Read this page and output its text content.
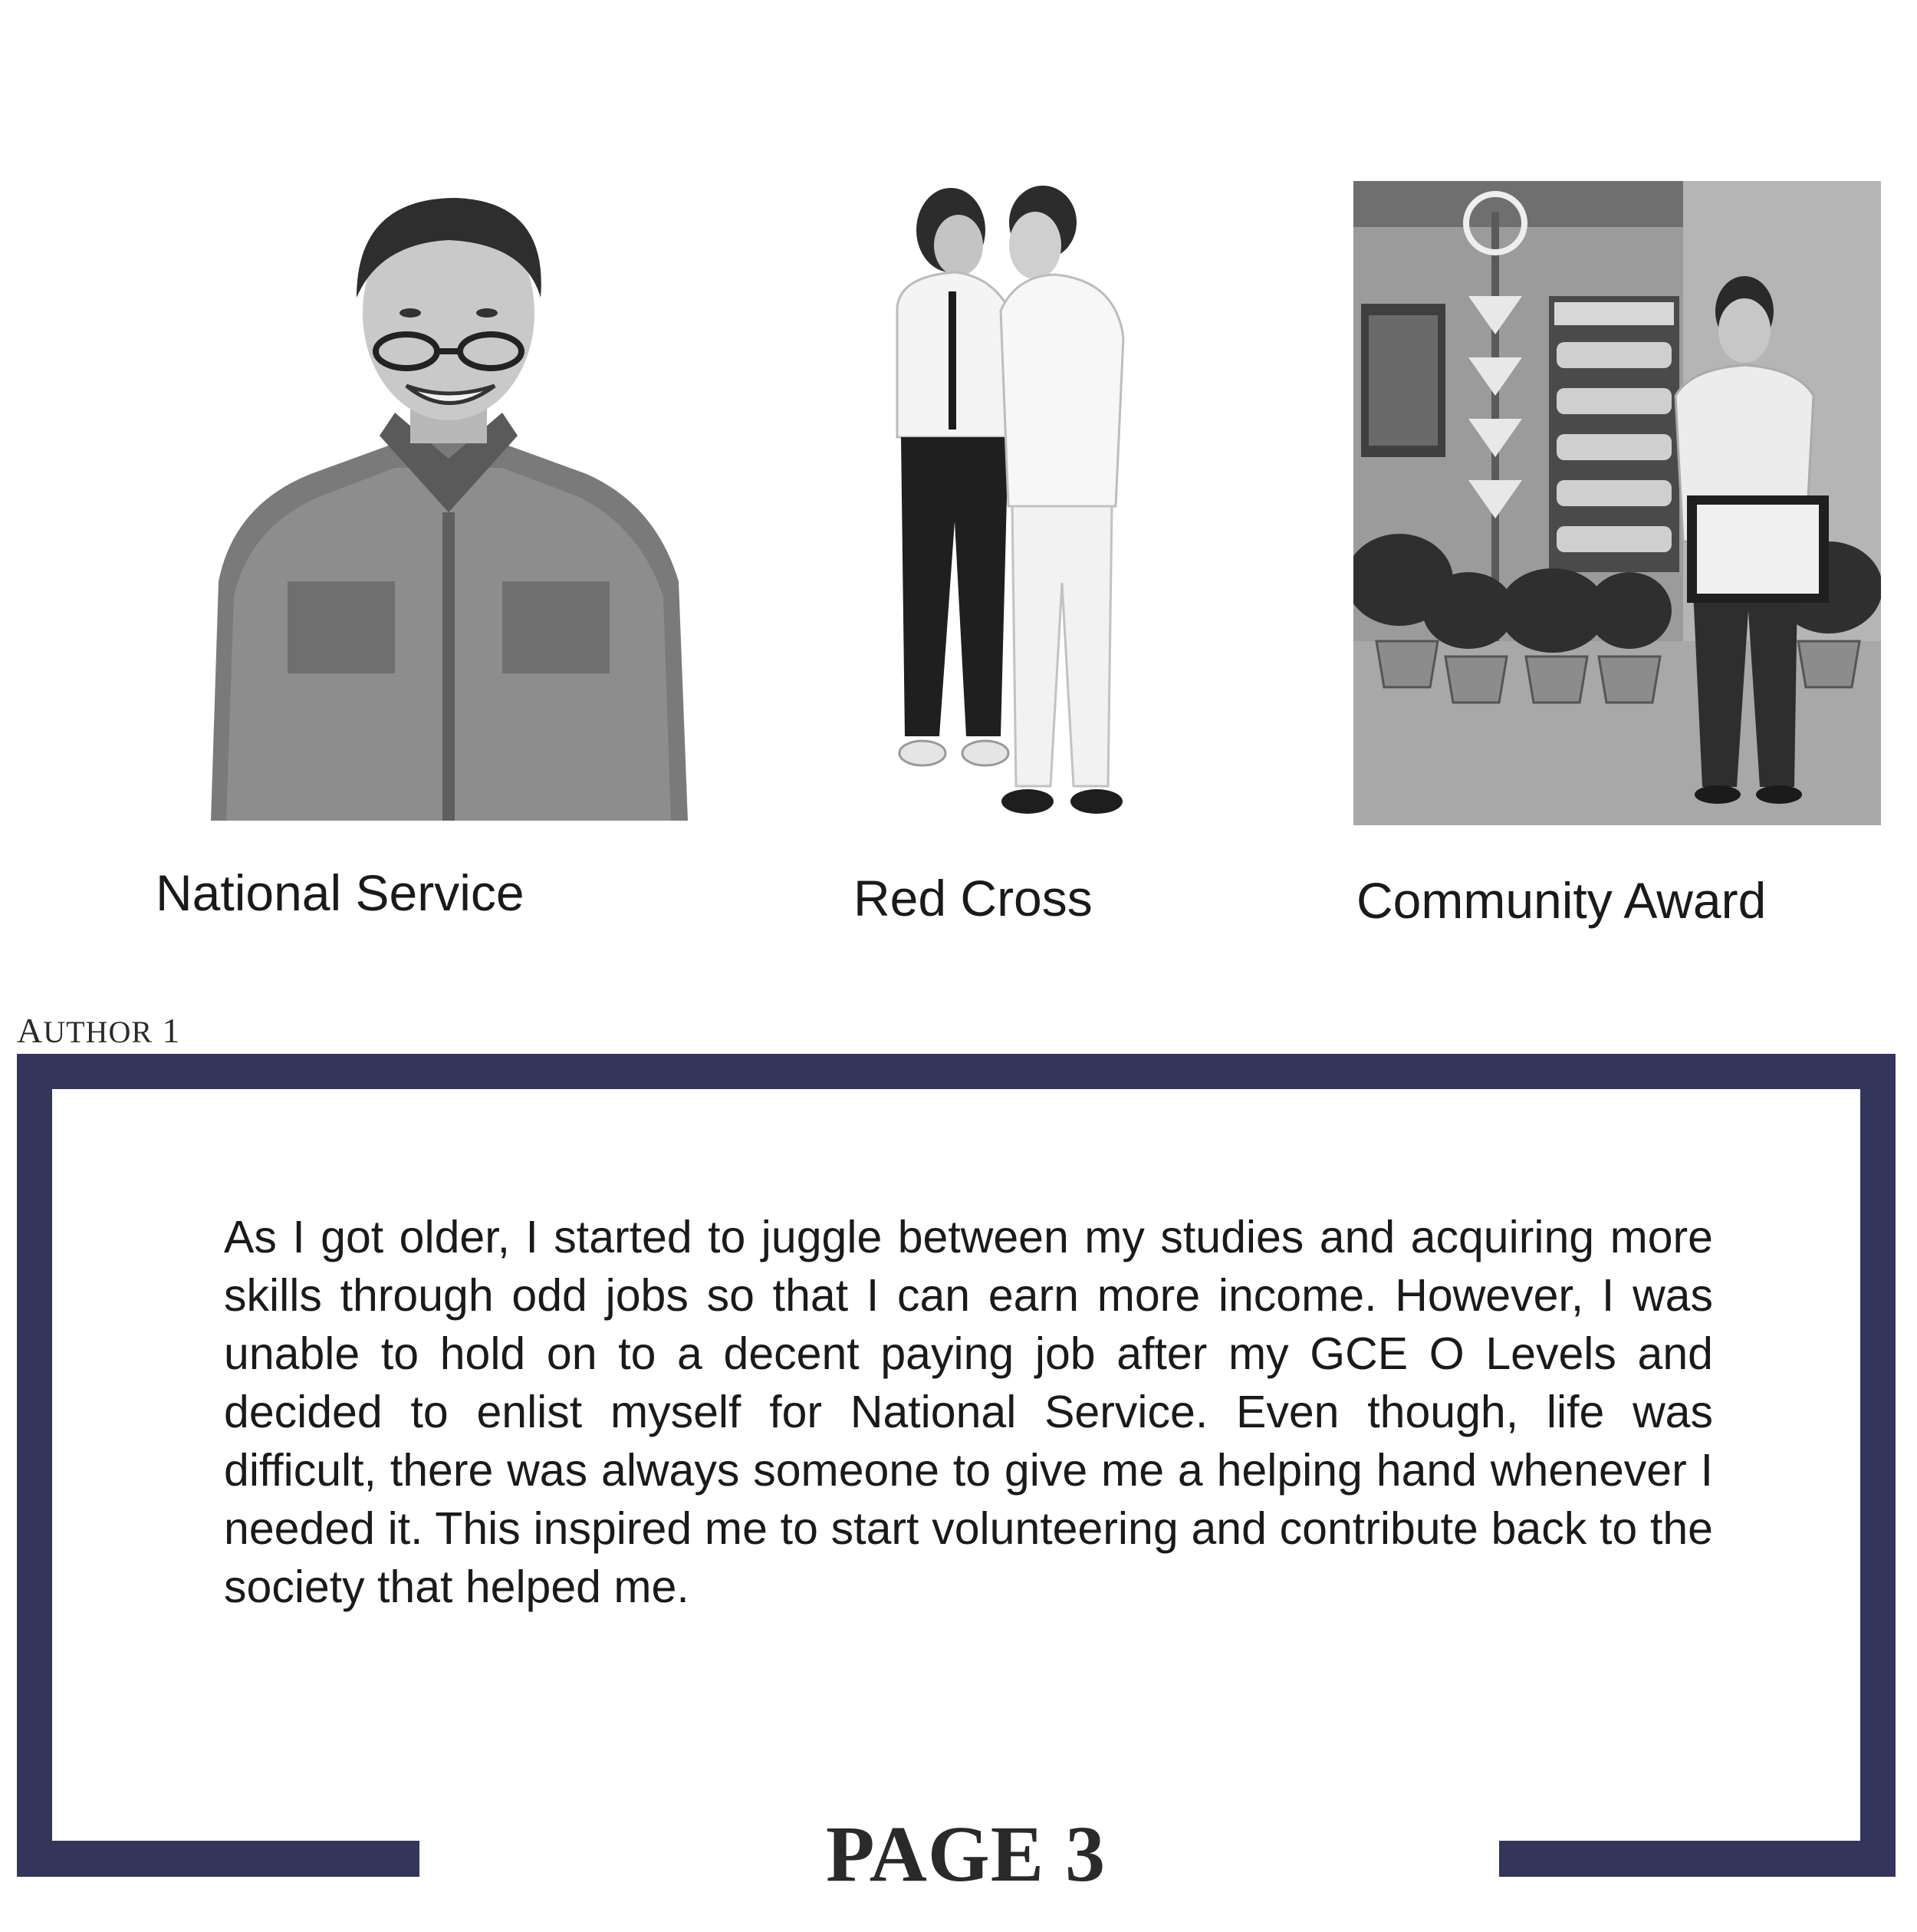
National Service	Red Cross	Community Award
AUTHOR 1

As I got older, I started to juggle between my studies and acquiring more skills through odd jobs so that I can earn more income. However, I was unable to hold on to a decent paying job after my GCE O Levels and decided to enlist myself for National Service. Even though, life was difficult, there was always someone to give me a helping hand whenever I needed it. This inspired me to start volunteering and contribute back to the society that helped me.

PAGE 3
